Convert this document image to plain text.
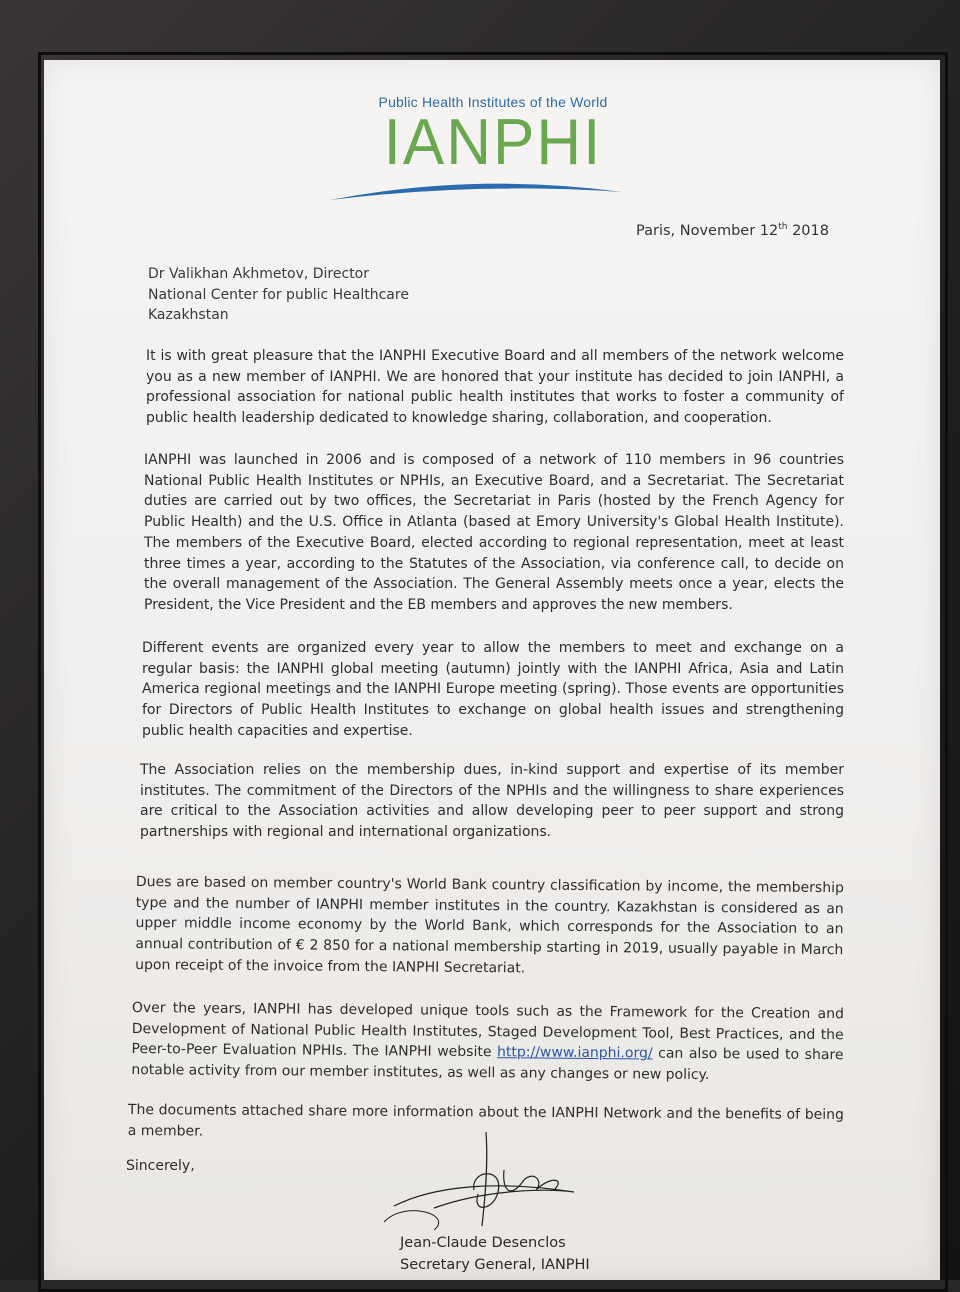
Public Health Institutes of the World
IANPHI
Paris, November 12th 2018
Dr Valikhan Akhmetov, Director
National Center for public Healthcare
Kazakhstan

It is with great pleasure that the IANPHI Executive Board and all members of the network welcome you as a new member of IANPHI. We are honored that your institute has decided to join IANPHI, a professional association for national public health institutes that works to foster a community of public health leadership dedicated to knowledge sharing, collaboration, and cooperation.

IANPHI was launched in 2006 and is composed of a network of 110 members in 96 countries National Public Health Institutes or NPHIs, an Executive Board, and a Secretariat. The Secretariat duties are carried out by two offices, the Secretariat in Paris (hosted by the French Agency for Public Health) and the U.S. Office in Atlanta (based at Emory University's Global Health Institute). The members of the Executive Board, elected according to regional representation, meet at least three times a year, according to the Statutes of the Association, via conference call, to decide on the overall management of the Association. The General Assembly meets once a year, elects the President, the Vice President and the EB members and approves the new members.

Different events are organized every year to allow the members to meet and exchange on a regular basis: the IANPHI global meeting (autumn) jointly with the IANPHI Africa, Asia and Latin America regional meetings and the IANPHI Europe meeting (spring). Those events are opportunities for Directors of Public Health Institutes to exchange on global health issues and strengthening public health capacities and expertise.

The Association relies on the membership dues, in-kind support and expertise of its member institutes. The commitment of the Directors of the NPHIs and the willingness to share experiences are critical to the Association activities and allow developing peer to peer support and strong partnerships with regional and international organizations.

Dues are based on member country's World Bank country classification by income, the membership type and the number of IANPHI member institutes in the country. Kazakhstan is considered as an upper middle income economy by the World Bank, which corresponds for the Association to an annual contribution of € 2 850 for a national membership starting in 2019, usually payable in March upon receipt of the invoice from the IANPHI Secretariat.

Over the years, IANPHI has developed unique tools such as the Framework for the Creation and Development of National Public Health Institutes, Staged Development Tool, Best Practices, and the Peer-to-Peer Evaluation NPHIs. The IANPHI website http://www.ianphi.org/ can also be used to share notable activity from our member institutes, as well as any changes or new policy.

The documents attached share more information about the IANPHI Network and the benefits of being a member.

Sincerely,
Jean-Claude Desenclos
Secretary General, IANPHI
